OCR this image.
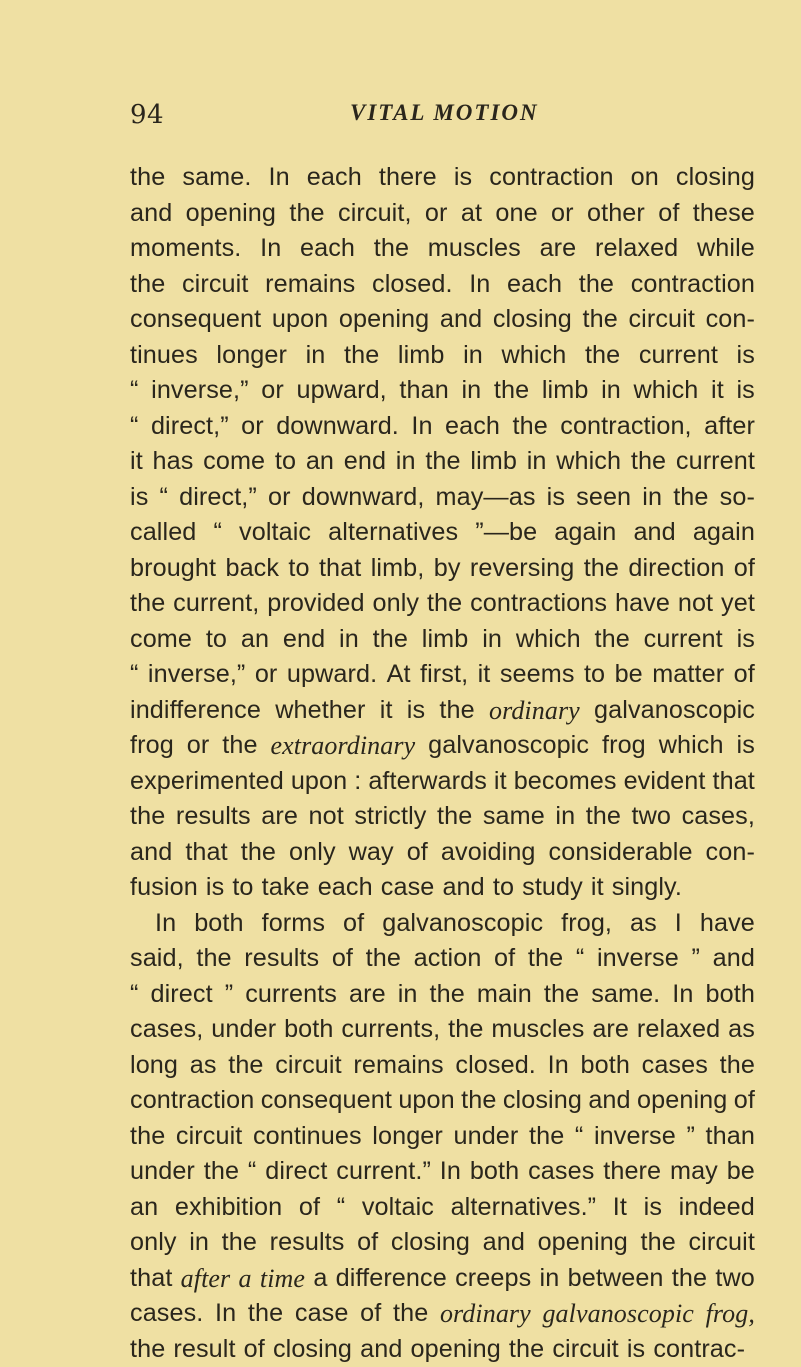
94	VITAL MOTION
the same. In each there is contraction on closing
and opening the circuit, or at one or other of these
moments. In each the muscles are relaxed while
the circuit remains closed. In each the contraction
consequent upon opening and closing the circuit con-
tinues longer in the limb in which the current is
“ inverse,” or upward, than in the limb in which it is
“ direct,” or downward. In each the contraction, after
it has come to an end in the limb in which the current
is “ direct,” or downward, may—as is seen in the so-
called “ voltaic alternatives ”—be again and again
brought back to that limb, by reversing the direction of
the current, provided only the contractions have not yet
come to an end in the limb in which the current is
“ inverse,” or upward. At first, it seems to be matter of
indifference whether it is the ordinary galvanoscopic
frog or the extraordinary galvanoscopic frog which is
experimented upon : afterwards it becomes evident that
the results are not strictly the same in the two cases,
and that the only way of avoiding considerable con-
fusion is to take each case and to study it singly.
In both forms of galvanoscopic frog, as I have
said, the results of the action of the “ inverse ” and
“ direct ” currents are in the main the same. In both
cases, under both currents, the muscles are relaxed as
long as the circuit remains closed. In both cases the
contraction consequent upon the closing and opening of
the circuit continues longer under the “ inverse ” than
under the “ direct current.” In both cases there may be
an exhibition of “ voltaic alternatives.” It is indeed
only in the results of closing and opening the circuit
that after a time a difference creeps in between the two
cases. In the case of the ordinary galvanoscopic frog,
the result of closing and opening the circuit is contrac-
